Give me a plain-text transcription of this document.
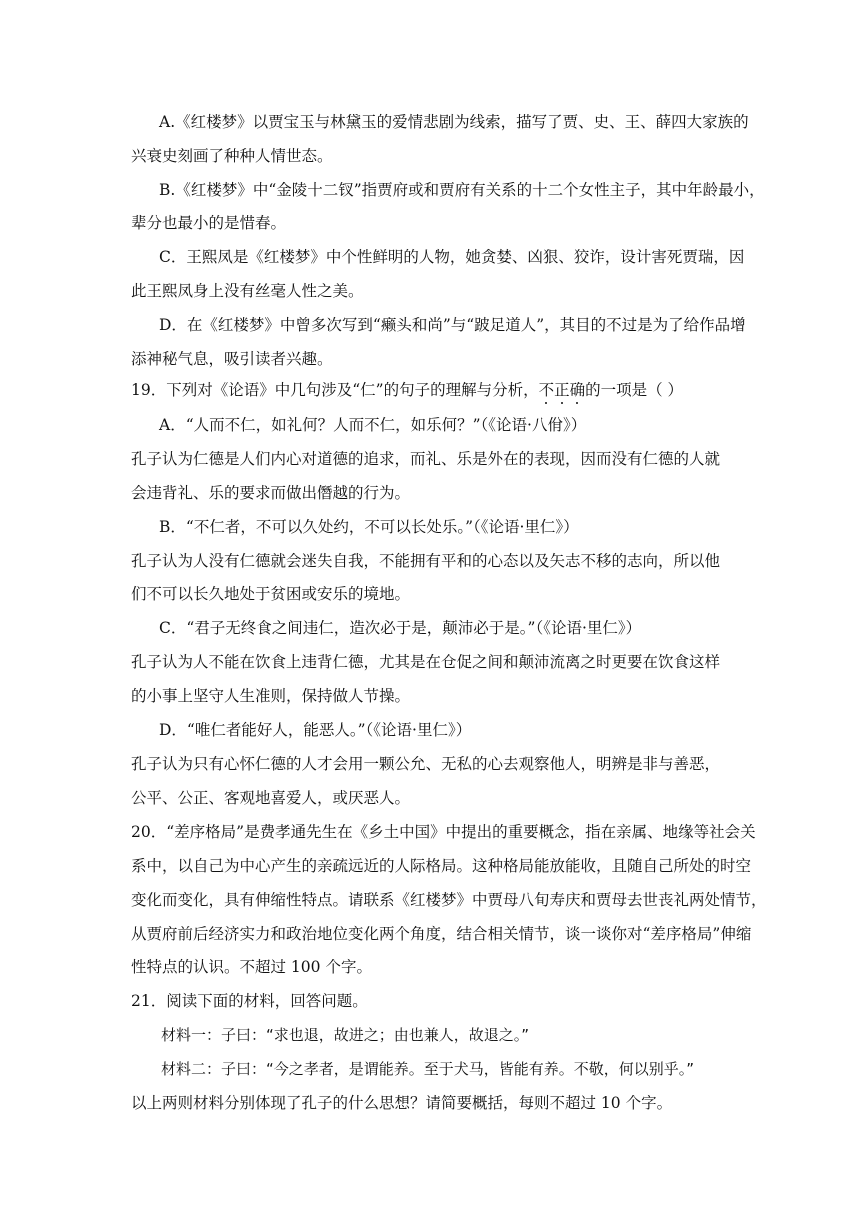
A.《红楼梦》以贾宝玉与林黛玉的爱情悲剧为线索，描写了贾、史、王、薛四大家族的
兴衰史刻画了种种人情世态。
B.《红楼梦》中“金陵十二钗”指贾府或和贾府有关系的十二个女性主子，其中年龄最小，
辈分也最小的是惜春。
C．王熙凤是《红楼梦》中个性鲜明的人物，她贪婪、凶狠、狡诈，设计害死贾瑞，因
此王熙凤身上没有丝毫人性之美。
D．在《红楼梦》中曾多次写到“癞头和尚”与“跛足道人”，其目的不过是为了给作品增
添神秘气息，吸引读者兴趣。
19．下列对《论语》中几句涉及“仁”的句子的理解与分析，不正确的一项是（ ）
A．“人而不仁，如礼何？人而不仁，如乐何？”（《论语·八佾》）
孔子认为仁德是人们内心对道德的追求，而礼、乐是外在的表现，因而没有仁德的人就
会违背礼、乐的要求而做出僭越的行为。
B．“不仁者，不可以久处约，不可以长处乐。”（《论语·里仁》）
孔子认为人没有仁德就会迷失自我，不能拥有平和的心态以及矢志不移的志向，所以他
们不可以长久地处于贫困或安乐的境地。
C．“君子无终食之间违仁，造次必于是，颠沛必于是。”（《论语·里仁》）
孔子认为人不能在饮食上违背仁德，尤其是在仓促之间和颠沛流离之时更要在饮食这样
的小事上坚守人生准则，保持做人节操。
D．“唯仁者能好人，能恶人。”（《论语·里仁》）
孔子认为只有心怀仁德的人才会用一颗公允、无私的心去观察他人，明辨是非与善恶，
公平、公正、客观地喜爱人，或厌恶人。
20．“差序格局”是费孝通先生在《乡土中国》中提出的重要概念，指在亲属、地缘等社会关
系中，以自己为中心产生的亲疏远近的人际格局。这种格局能放能收，且随自己所处的时空
变化而变化，具有伸缩性特点。请联系《红楼梦》中贾母八旬寿庆和贾母去世丧礼两处情节，
从贾府前后经济实力和政治地位变化两个角度，结合相关情节，谈一谈你对“差序格局”伸缩
性特点的认识。不超过 100 个字。
21．阅读下面的材料，回答问题。
材料一：子曰：“求也退，故进之；由也兼人，故退之。”
材料二：子曰：“今之孝者，是谓能养。至于犬马，皆能有养。不敬，何以别乎。”
以上两则材料分别体现了孔子的什么思想？请简要概括，每则不超过 10 个字。
